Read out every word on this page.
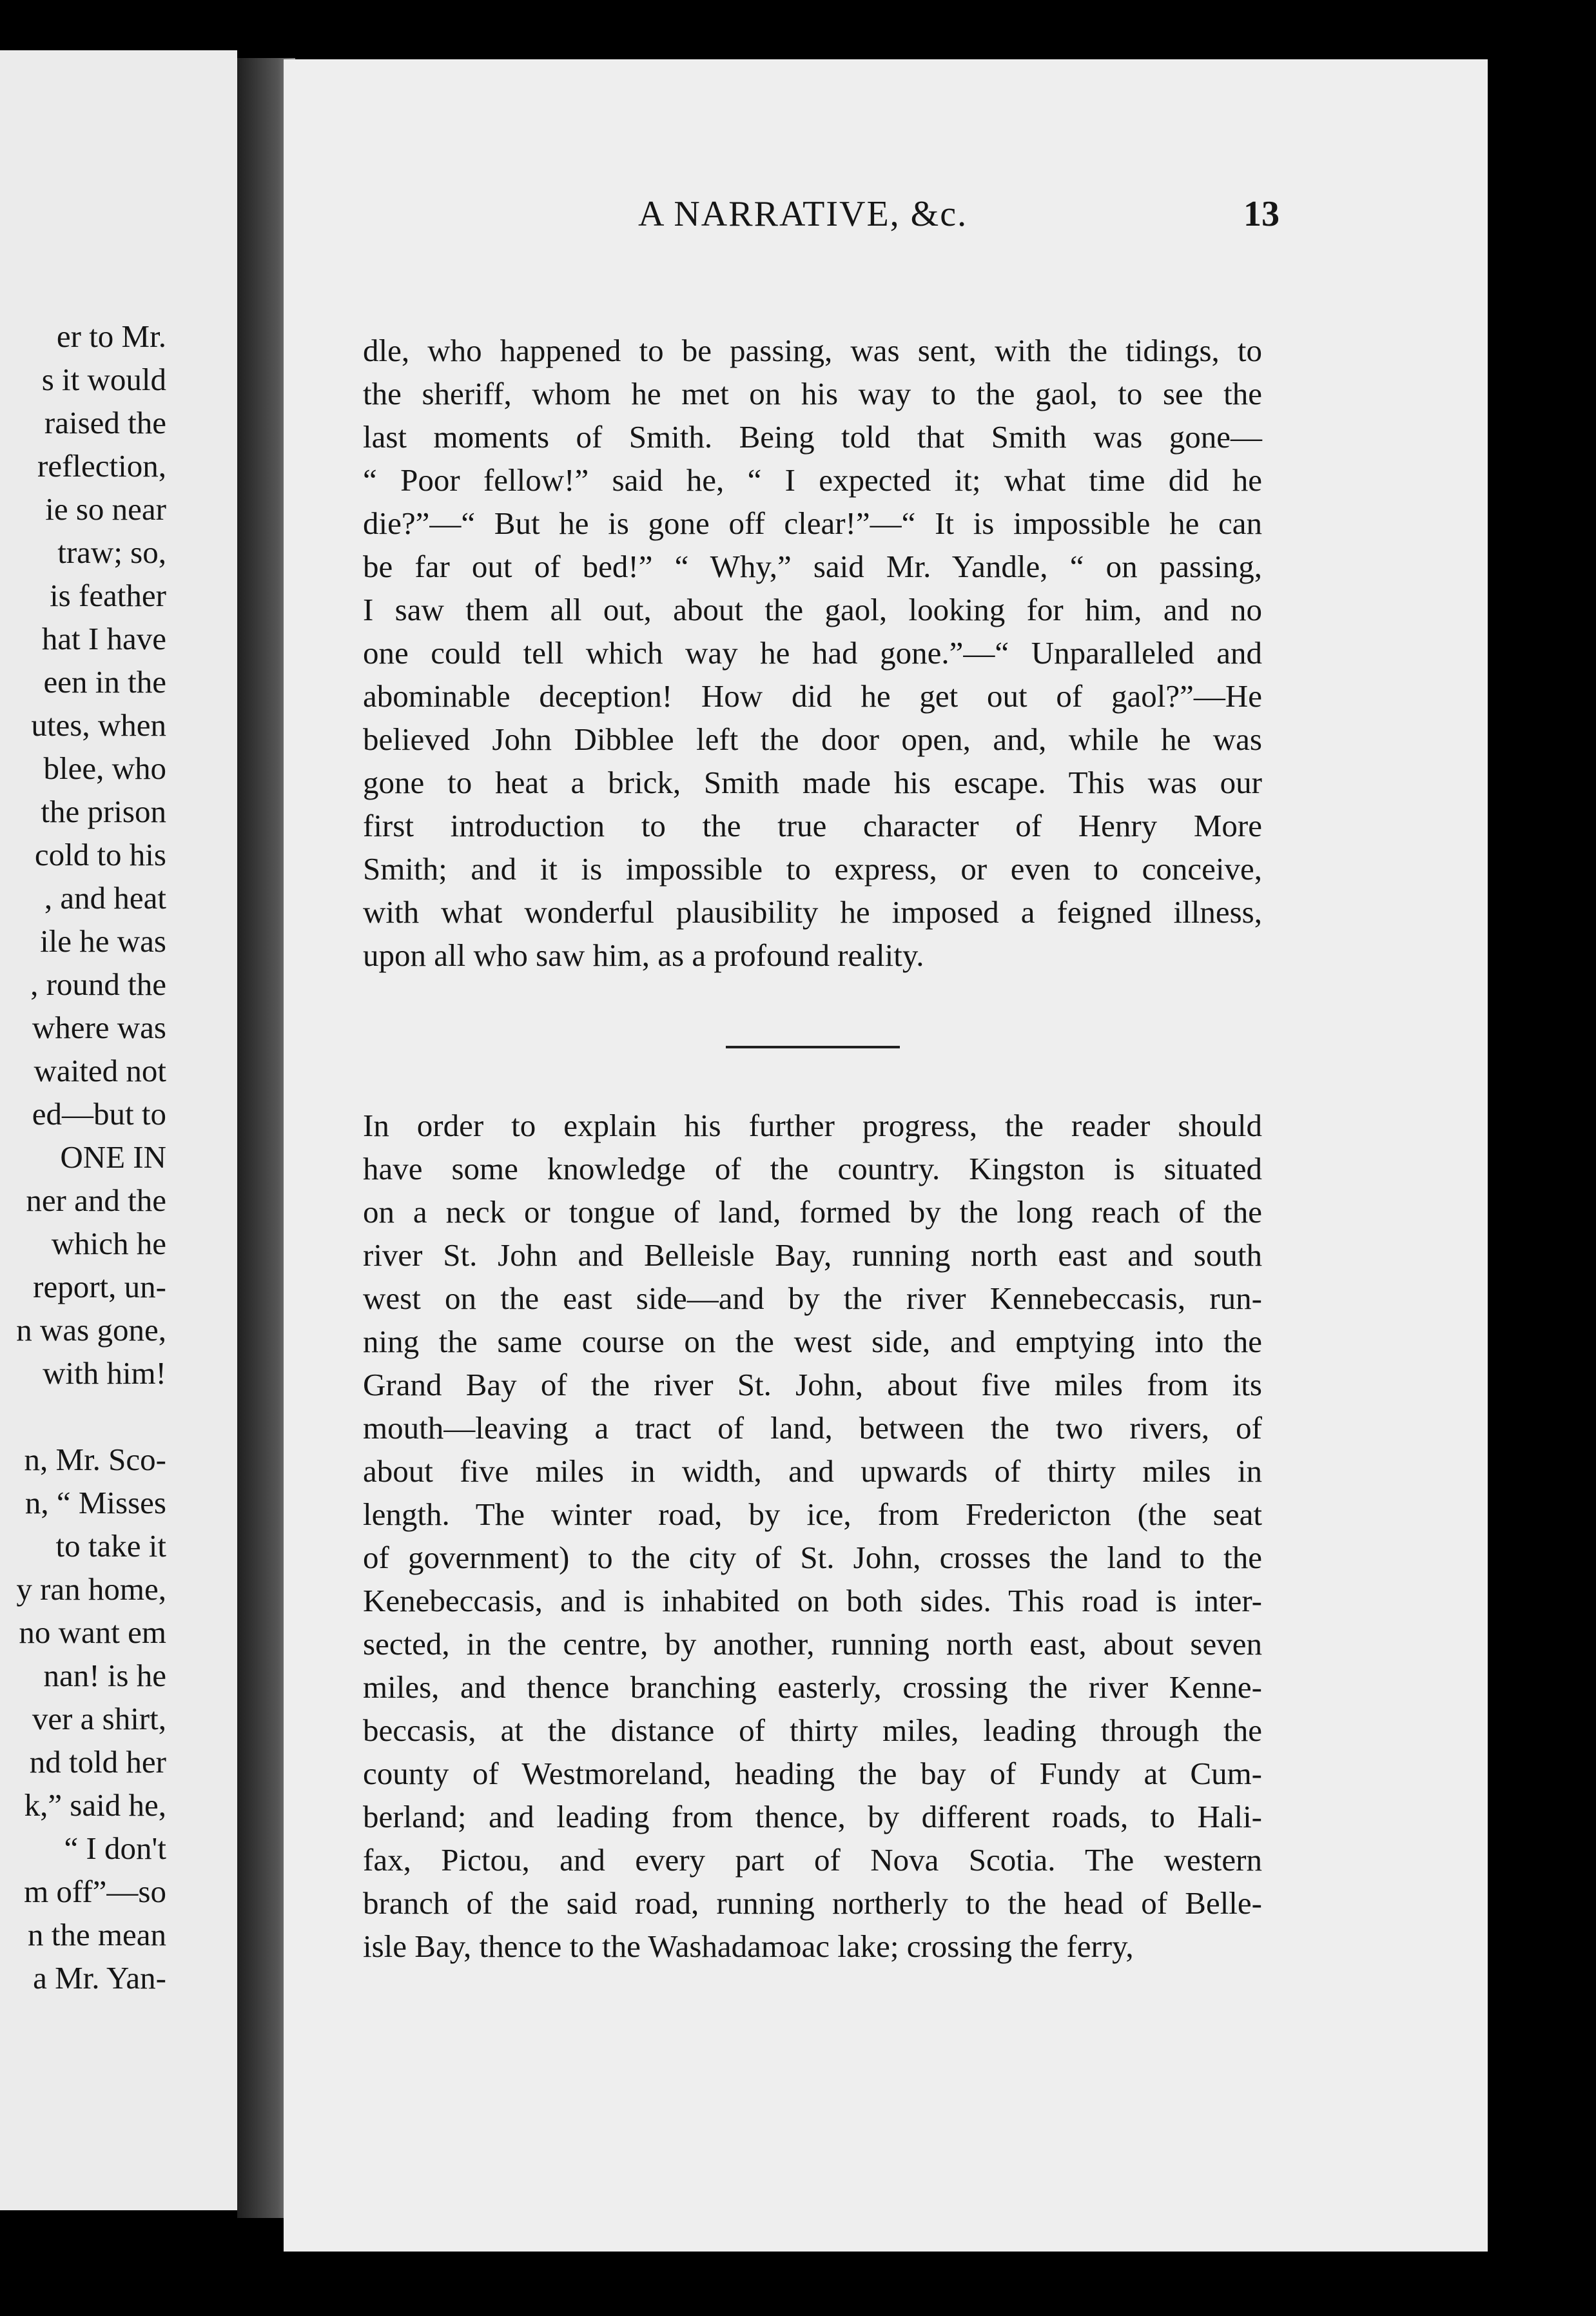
er to Mr.
s it would
raised the
reflection,
ie so near
traw; so,
is feather
hat I have
een in the
utes, when
blee, who
the prison
cold to his
, and heat
ile he was
, round the
where was
waited not
ed—but to
ONE IN
ner and the
which he
report, un-
n was gone,
with him!

n, Mr. Sco-
n, “ Misses
to take it
y ran home,
no want em
nan! is he
ver a shirt,
nd told her
k,” said he,
“ I don't
m off”—so
n the mean
a Mr. Yan-
A NARRATIVE, &c.	13
dle, who happened to be passing, was sent, with the tidings, to
the sheriff, whom he met on his way to the gaol, to see the
last moments of Smith. Being told that Smith was gone—
“ Poor fellow!” said he, “ I expected it; what time did he
die?”—“ But he is gone off clear!”—“ It is impossible he can
be far out of bed!” “ Why,” said Mr. Yandle, “ on passing,
I saw them all out, about the gaol, looking for him, and no
one could tell which way he had gone.”—“ Unparalleled and
abominable deception! How did he get out of gaol?”—He
believed John Dibblee left the door open, and, while he was
gone to heat a brick, Smith made his escape. This was our
first introduction to the true character of Henry More
Smith; and it is impossible to express, or even to conceive,
with what wonderful plausibility he imposed a feigned illness,
upon all who saw him, as a profound reality.
In order to explain his further progress, the reader should
have some knowledge of the country. Kingston is situated
on a neck or tongue of land, formed by the long reach of the
river St. John and Belleisle Bay, running north east and south
west on the east side—and by the river Kennebeccasis, run-
ning the same course on the west side, and emptying into the
Grand Bay of the river St. John, about five miles from its
mouth—leaving a tract of land, between the two rivers, of
about five miles in width, and upwards of thirty miles in
length. The winter road, by ice, from Fredericton (the seat
of government) to the city of St. John, crosses the land to the
Kenebeccasis, and is inhabited on both sides. This road is inter-
sected, in the centre, by another, running north east, about seven
miles, and thence branching easterly, crossing the river Kenne-
beccasis, at the distance of thirty miles, leading through the
county of Westmoreland, heading the bay of Fundy at Cum-
berland; and leading from thence, by different roads, to Hali-
fax, Pictou, and every part of Nova Scotia. The western
branch of the said road, running northerly to the head of Belle-
isle Bay, thence to the Washadamoac lake; crossing the ferry,
